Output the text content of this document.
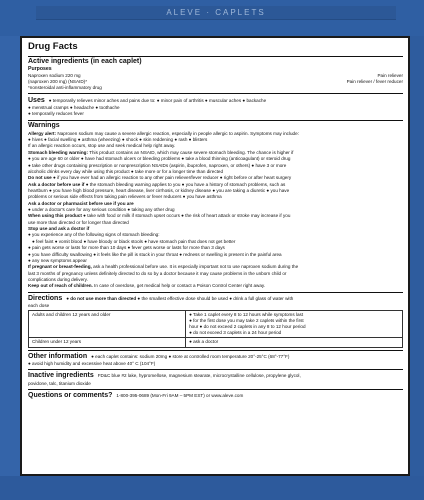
ALEVE · CAPLETS
Drug Facts
Active ingredients (in each caplet)
Purposes
Naproxen sodium 220 mg	Pain reliever
(naproxen 200 mg) (NSAID)*	Pain reliever / fever reducer
*nonsteroidal anti-inflammatory drug
Uses ● temporarily relieves minor aches and pains due to: ● minor pain of arthritis ● muscular aches ● backache
● menstrual cramps ● headache ● toothache
● temporarily reduces fever
Warnings
Allergy alert: Naproxen sodium may cause a severe allergic reaction, especially in people allergic to aspirin. Symptoms may include:
● hives ● facial swelling ● asthma (wheezing) ● shock ● skin reddening ● rash ● blisters
If an allergic reaction occurs, stop use and seek medical help right away.
Stomach bleeding warning: This product contains an NSAID, which may cause severe stomach bleeding. The chance is higher if
● you are age 60 or older ● have had stomach ulcers or bleeding problems ● take a blood thinning (anticoagulant) or steroid drug
● take other drugs containing prescription or nonprescription NSAIDs (aspirin, ibuprofen, naproxen, or others) ● have 3 or more
alcoholic drinks every day while using this product ● take more or for a longer time than directed
Do not use ● if you have ever had an allergic reaction to any other pain reliever/fever reducer ● right before or after heart surgery
Ask a doctor before use if ● the stomach bleeding warning applies to you ● you have a history of stomach problems, such as
heartburn ● you have high blood pressure, heart disease, liver cirrhosis, or kidney disease ● you are taking a diuretic ● you have
problems or serious side effects from taking pain relievers or fever reducers ● you have asthma
Ask a doctor or pharmacist before use if you are
● under a doctor's care for any serious condition ● taking any other drug
When using this product ● take with food or milk if stomach upset occurs ● the risk of heart attack or stroke may increase if you
use more than directed or for longer than directed
Stop use and ask a doctor if
● you experience any of the following signs of stomach bleeding:
● feel faint ● vomit blood ● have bloody or black stools ● have stomach pain that does not get better
● pain gets worse or lasts for more than 10 days ● fever gets worse or lasts for more than 3 days
● you have difficulty swallowing ● it feels like the pill is stuck in your throat ● redness or swelling is present in the painful area
● any new symptoms appear
If pregnant or breast-feeding, ask a health professional before use. It is especially important not to use naproxen sodium during the
last 3 months of pregnancy unless definitely directed to do so by a doctor because it may cause problems in the unborn child or
complications during delivery.
Keep out of reach of children. In case of overdose, get medical help or contact a Poison Control Center right away.
Directions ● do not use more than directed ● the smallest effective dose should be used ● drink a full glass of water with
each dose
Adults and children 12 years and older	● Take 1 caplet every 8 to 12 hours while symptoms last
● for the first dose you may take 2 caplets within the first
hour ● do not exceed 2 caplets in any 8 to 12 hour period
● do not exceed 3 caplets in a 24 hour period

Children under 12 years	● ask a doctor
Other information ● each caplet contains: sodium 20mg ● store at controlled room temperature 20°-25°C (68°-77°F)
● avoid high humidity and excessive heat above 40° C (104°F)
Inactive ingredients FD&C blue #2 lake, hypromellose, magnesium stearate, microcrystalline cellulose, propylene glycol,
povidone, talc, titanium dioxide
Questions or comments? 1-800-395-0689 (Mon-Fri 9AM – 5PM EST) or www.aleve.com
